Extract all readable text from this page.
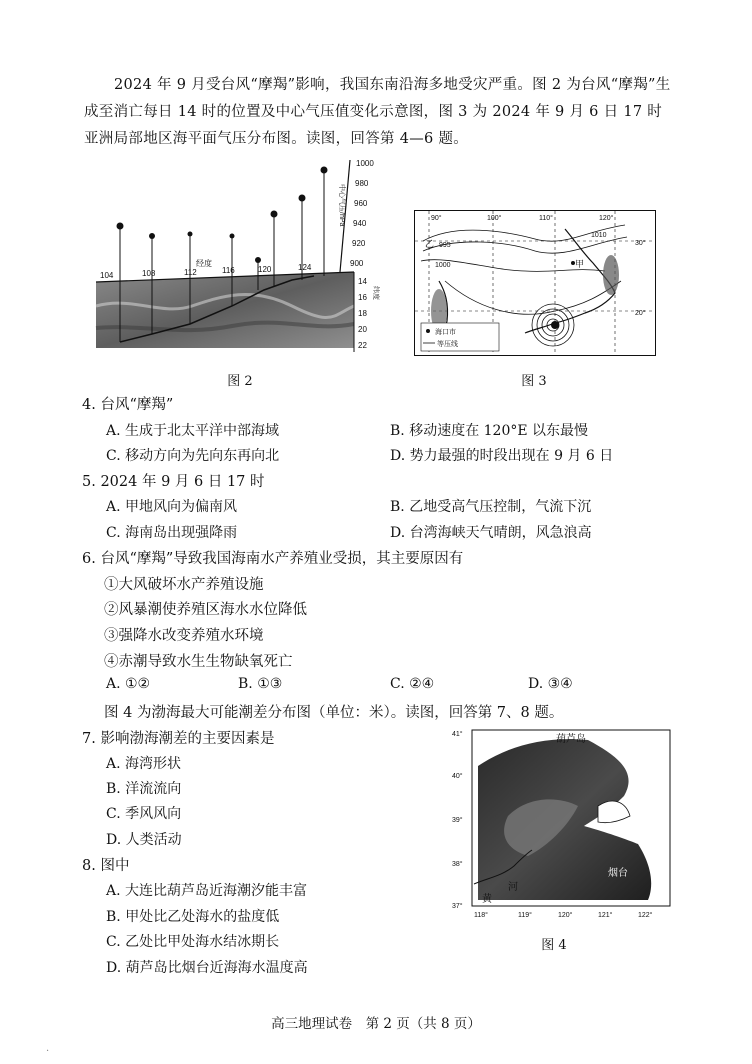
2024 年 9 月受台风“摩羯”影响，我国东南沿海多地受灾严重。图 2 为台风“摩羯”生成至消亡每日 14 时的位置及中心气压值变化示意图，图 3 为 2024 年 9 月 6 日 17 时亚洲局部地区海平面气压分布图。读图，回答第 4—6 题。
104	108	112	116	120	124
经度
1000
980
960
940
920
900
14
16
18
20
22
中心气压/hPa
纬度
图 2
海口市
等压线
90°	100°	110°	120°
30°
20°
1010
1000
995
甲
乙
图 3
4. 台风“摩羯”
A. 生成于北太平洋中部海域	B. 移动速度在 120°E 以东最慢
C. 移动方向为先向东再向北	D. 势力最强的时段出现在 9 月 6 日
5. 2024 年 9 月 6 日 17 时
A. 甲地风向为偏南风	B. 乙地受高气压控制，气流下沉
C. 海南岛出现强降雨	D. 台湾海峡天气晴朗，风急浪高
6. 台风“摩羯”导致我国海南水产养殖业受损，其主要原因有
①大风破坏水产养殖设施
②风暴潮使养殖区海水水位降低
③强降水改变养殖水环境
④赤潮导致水生生物缺氧死亡
A. ①②	B. ①③	C. ②④	D. ③④
图 4 为渤海最大可能潮差分布图（单位：米）。读图，回答第 7、8 题。
7. 影响渤海潮差的主要因素是
A. 海湾形状
B. 洋流流向
C. 季风风向
D. 人类活动
8. 图中
A. 大连比葫芦岛近海潮汐能丰富
B. 甲处比乙处海水的盐度低
C. 乙处比甲处海水结冰期长
D. 葫芦岛比烟台近海海水温度高
41°
40°
39°
38°
37°
118°	119°	120°	121°	122°
葫芦岛
大连
烟台
黄
河
图 4
高三地理试卷　第 2 页（共 8 页）
·
